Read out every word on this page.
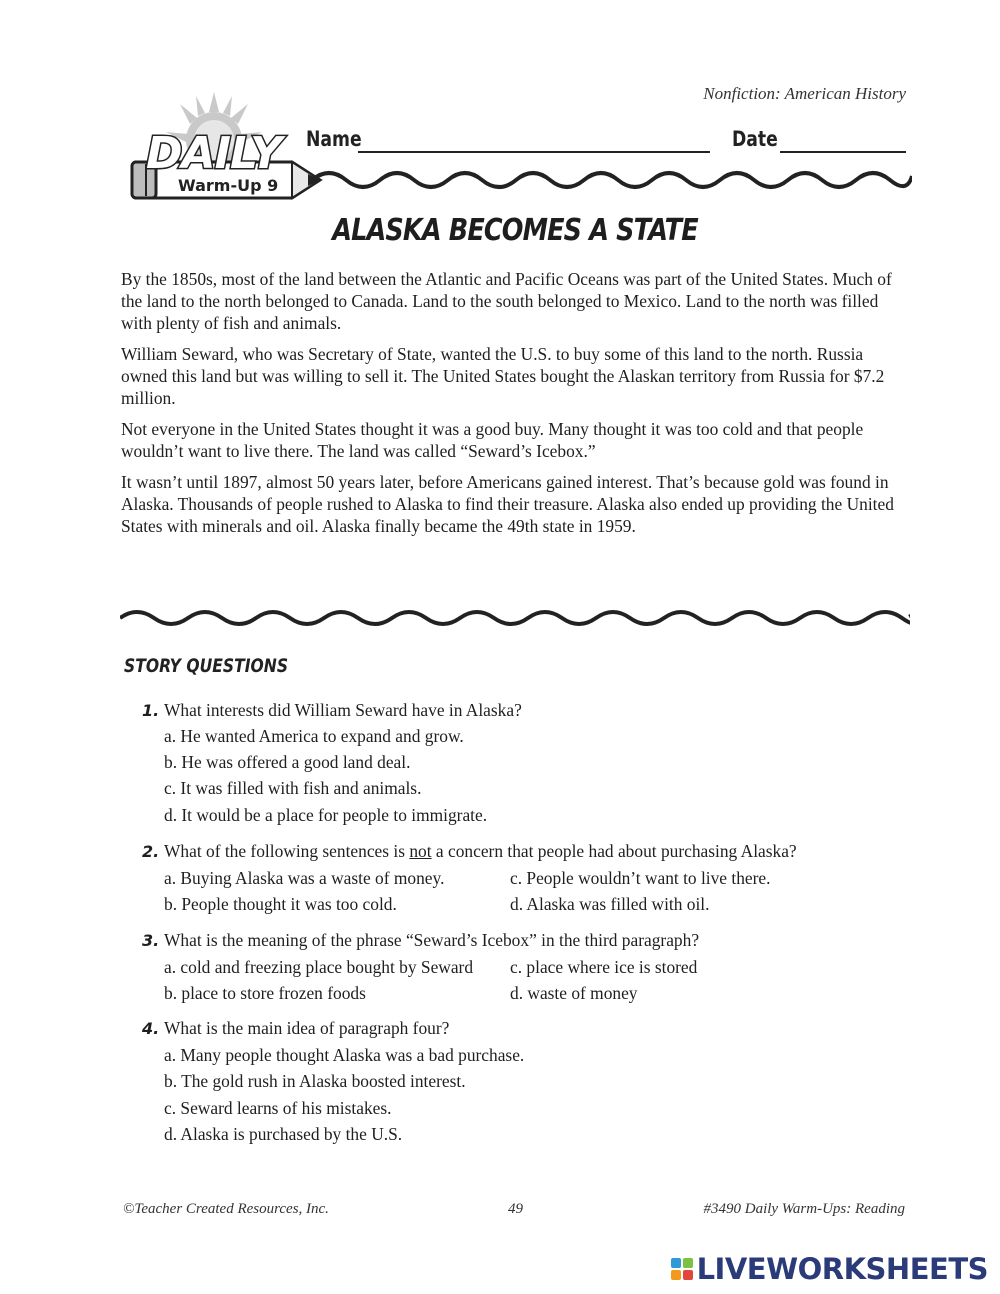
Nonfiction: American History
DAILY
Warm-Up 9
Name	Date
ALASKA BECOMES A STATE

By the 1850s, most of the land between the Atlantic and Pacific Oceans was part of the United States. Much of the land to the north belonged to Canada. Land to the south belonged to Mexico. Land to the north was filled with plenty of fish and animals.

William Seward, who was Secretary of State, wanted the U.S. to buy some of this land to the north. Russia owned this land but was willing to sell it. The United States bought the Alaskan territory from Russia for $7.2 million.

Not everyone in the United States thought it was a good buy. Many thought it was too cold and that people wouldn’t want to live there. The land was called “Seward’s Icebox.”

It wasn’t until 1897, almost 50 years later, before Americans gained interest. That’s because gold was found in Alaska. Thousands of people rushed to Alaska to find their treasure. Alaska also ended up providing the United States with minerals and oil. Alaska finally became the 49th state in 1959.

STORY QUESTIONS
1. What interests did William Seward have in Alaska?
a. He wanted America to expand and grow.
b. He was offered a good land deal.
c. It was filled with fish and animals.
d. It would be a place for people to immigrate.
2. What of the following sentences is not a concern that people had about purchasing Alaska?
a. Buying Alaska was a waste of money.	c. People wouldn’t want to live there.
b. People thought it was too cold.	d. Alaska was filled with oil.
3. What is the meaning of the phrase “Seward’s Icebox” in the third paragraph?
a. cold and freezing place bought by Seward c. place where ice is stored
b. place to store frozen foods	d. waste of money
4. What is the main idea of paragraph four?
a. Many people thought Alaska was a bad purchase.
b. The gold rush in Alaska boosted interest.
c. Seward learns of his mistakes.
d. Alaska is purchased by the U.S.
©Teacher Created Resources, Inc.	49	#3490 Daily Warm-Ups: Reading
LIVEWORKSHEETS
